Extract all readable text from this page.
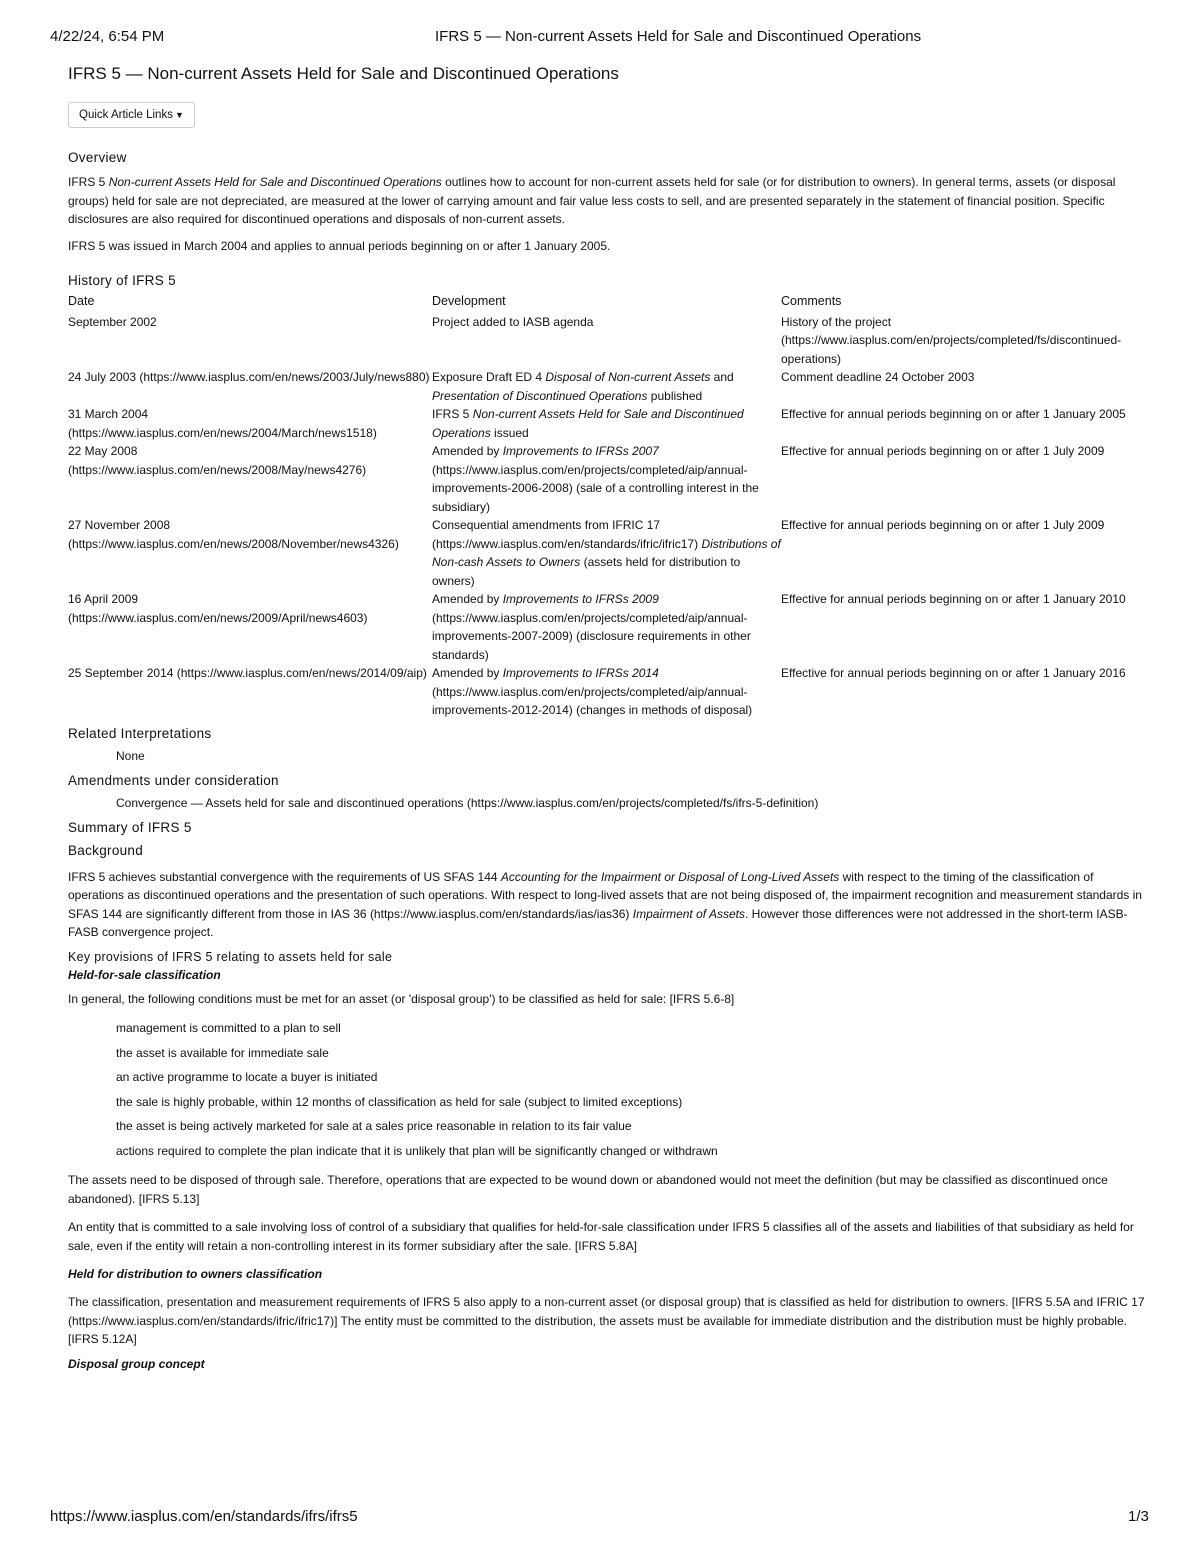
4/22/24, 6:54 PM	IFRS 5 — Non-current Assets Held for Sale and Discontinued Operations
IFRS 5 — Non-current Assets Held for Sale and Discontinued Operations
Quick Article Links ▼
Overview

IFRS 5 Non-current Assets Held for Sale and Discontinued Operations outlines how to account for non-current assets held for sale (or for distribution to owners). In general terms, assets (or disposal groups) held for sale are not depreciated, are measured at the lower of carrying amount and fair value less costs to sell, and are presented separately in the statement of financial position. Specific disclosures are also required for discontinued operations and disposals of non-current assets.

IFRS 5 was issued in March 2004 and applies to annual periods beginning on or after 1 January 2005.

History of IFRS 5
Date	Development	Comments
September 2002	Project added to IASB agenda	History of the project (https://www.iasplus.com/en/projects/completed/fs/discontinued-operations)
24 July 2003 (https://www.iasplus.com/en/news/2003/July/news880)	Exposure Draft ED 4 Disposal of Non-current Assets and Presentation of Discontinued Operations published	Comment deadline 24 October 2003
31 March 2004 (https://www.iasplus.com/en/news/2004/March/news1518)	IFRS 5 Non-current Assets Held for Sale and Discontinued Operations issued	Effective for annual periods beginning on or after 1 January 2005
22 May 2008 (https://www.iasplus.com/en/news/2008/May/news4276)	Amended by Improvements to IFRSs 2007 (https://www.iasplus.com/en/projects/completed/aip/annual-improvements-2006-2008) (sale of a controlling interest in the subsidiary)	Effective for annual periods beginning on or after 1 July 2009
27 November 2008 (https://www.iasplus.com/en/news/2008/November/news4326)	Consequential amendments from IFRIC 17 (https://www.iasplus.com/en/standards/ifric/ifric17) Distributions of Non-cash Assets to Owners (assets held for distribution to owners)	Effective for annual periods beginning on or after 1 July 2009
16 April 2009 (https://www.iasplus.com/en/news/2009/April/news4603)	Amended by Improvements to IFRSs 2009 (https://www.iasplus.com/en/projects/completed/aip/annual-improvements-2007-2009) (disclosure requirements in other standards)	Effective for annual periods beginning on or after 1 January 2010
25 September 2014 (https://www.iasplus.com/en/news/2014/09/aip)	Amended by Improvements to IFRSs 2014 (https://www.iasplus.com/en/projects/completed/aip/annual-improvements-2012-2014) (changes in methods of disposal)	Effective for annual periods beginning on or after 1 January 2016
Related Interpretations
None
Amendments under consideration
Convergence — Assets held for sale and discontinued operations (https://www.iasplus.com/en/projects/completed/fs/ifrs-5-definition)
Summary of IFRS 5
Background

IFRS 5 achieves substantial convergence with the requirements of US SFAS 144 Accounting for the Impairment or Disposal of Long-Lived Assets with respect to the timing of the classification of operations as discontinued operations and the presentation of such operations. With respect to long-lived assets that are not being disposed of, the impairment recognition and measurement standards in SFAS 144 are significantly different from those in IAS 36 (https://www.iasplus.com/en/standards/ias/ias36) Impairment of Assets. However those differences were not addressed in the short-term IASB-FASB convergence project.

Key provisions of IFRS 5 relating to assets held for sale
Held-for-sale classification

In general, the following conditions must be met for an asset (or 'disposal group') to be classified as held for sale: [IFRS 5.6-8]

management is committed to a plan to sell
the asset is available for immediate sale
an active programme to locate a buyer is initiated
the sale is highly probable, within 12 months of classification as held for sale (subject to limited exceptions)
the asset is being actively marketed for sale at a sales price reasonable in relation to its fair value
actions required to complete the plan indicate that it is unlikely that plan will be significantly changed or withdrawn

The assets need to be disposed of through sale. Therefore, operations that are expected to be wound down or abandoned would not meet the definition (but may be classified as discontinued once abandoned). [IFRS 5.13]

An entity that is committed to a sale involving loss of control of a subsidiary that qualifies for held-for-sale classification under IFRS 5 classifies all of the assets and liabilities of that subsidiary as held for sale, even if the entity will retain a non-controlling interest in its former subsidiary after the sale. [IFRS 5.8A]

Held for distribution to owners classification

The classification, presentation and measurement requirements of IFRS 5 also apply to a non-current asset (or disposal group) that is classified as held for distribution to owners. [IFRS 5.5A and IFRIC 17 (https://www.iasplus.com/en/standards/ifric/ifric17)] The entity must be committed to the distribution, the assets must be available for immediate distribution and the distribution must be highly probable. [IFRS 5.12A]

Disposal group concept
https://www.iasplus.com/en/standards/ifrs/ifrs5	1/3
